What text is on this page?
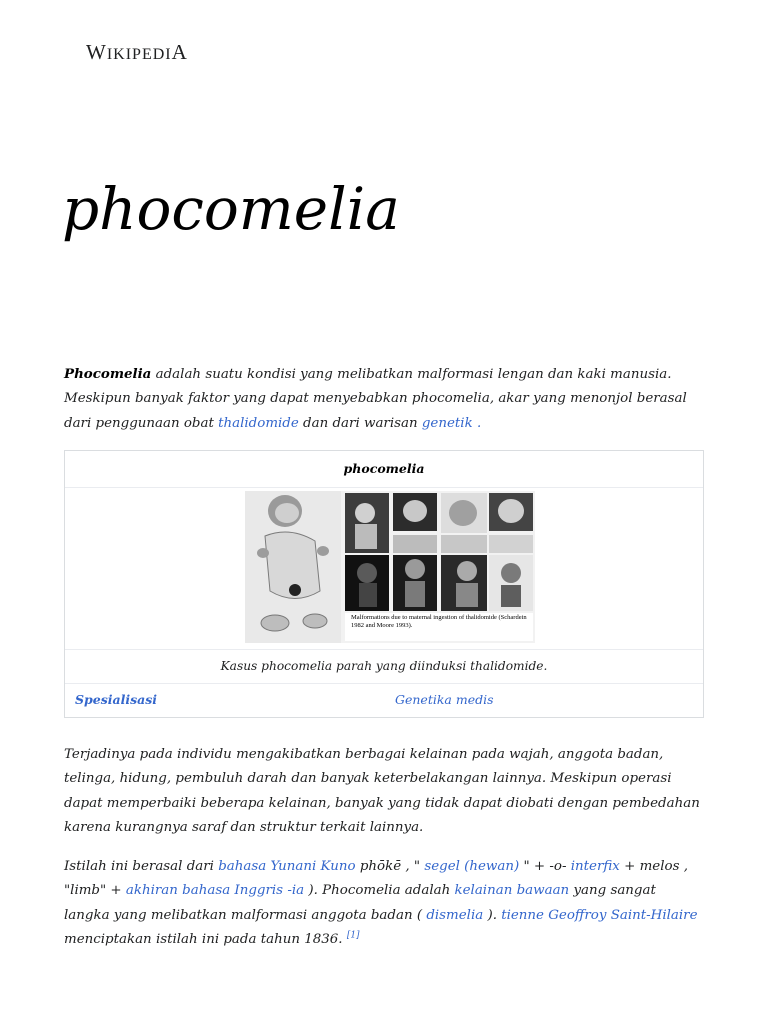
WIKIPEDIA
phocomelia

Phocomelia adalah suatu kondisi yang melibatkan malformasi lengan dan kaki manusia. Meskipun banyak faktor yang dapat menyebabkan phocomelia, akar yang menonjol berasal dari penggunaan obat thalidomide dan dari warisan genetik .

phocomelia
Malformations due to maternal ingestion of thalidomide (Schardein 1982 and Moore 1993).
Kasus phocomelia parah yang diinduksi thalidomide.
Spesialisasi	Genetika medis

Terjadinya pada individu mengakibatkan berbagai kelainan pada wajah, anggota badan, telinga, hidung, pembuluh darah dan banyak keterbelakangan lainnya. Meskipun operasi dapat memperbaiki beberapa kelainan, banyak yang tidak dapat diobati dengan pembedahan karena kurangnya saraf dan struktur terkait lainnya.

Istilah ini berasal dari bahasa Yunani Kuno phōkē , " segel (hewan) " + -o- interfix + melos , "limb" + akhiran bahasa Inggris -ia ). Phocomelia adalah kelainan bawaan yang sangat langka yang melibatkan malformasi anggota badan ( dismelia ). tienne Geoffroy Saint-Hilaire menciptakan istilah ini pada tahun 1836. [1]
